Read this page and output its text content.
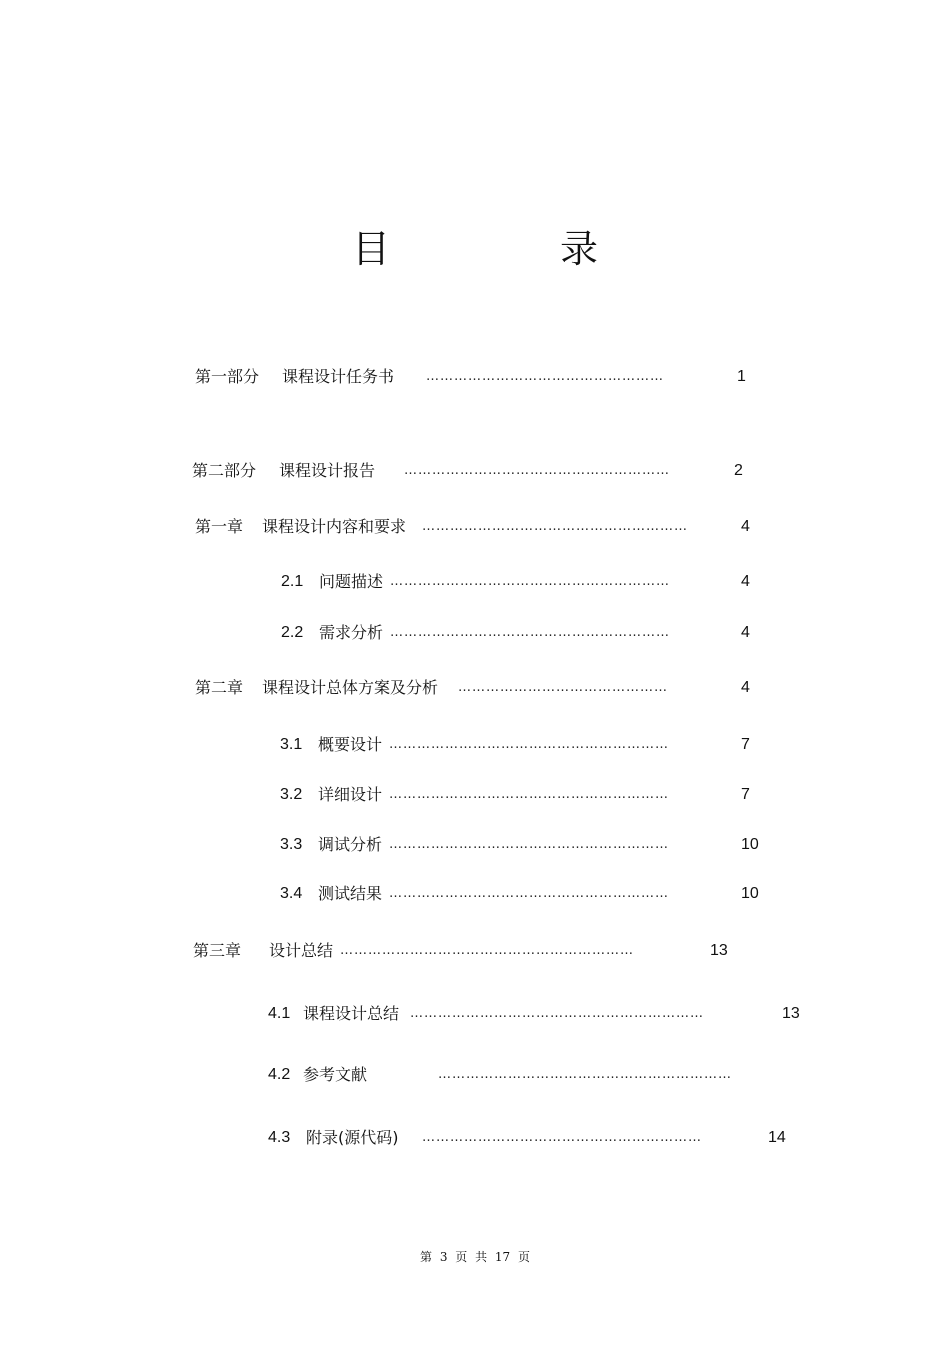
目	录
第一部分 课程设计任务书 ……………………………………………	1
第二部分 课程设计报告 …………………………………………………	2
第一章 课程设计内容和要求 …………………………………………………	4
2.1 问题描述 ……………………………………………………	4
2.2 需求分析 ……………………………………………………	4
第二章 课程设计总体方案及分析 ………………………………………	4
3.1 概要设计 ……………………………………………………	7
3.2 详细设计 ……………………………………………………	7
3.3 调试分析 ……………………………………………………	10
3.4 测试结果 ……………………………………………………	10
第三章 设计总结 ………………………………………………………	13
4.1 课程设计总结 ………………………………………………………	13
4.2 参考文献	………………………………………………………
4.3 附录(源代码) ……………………………………………………	14
第 3 页 共 17 页
